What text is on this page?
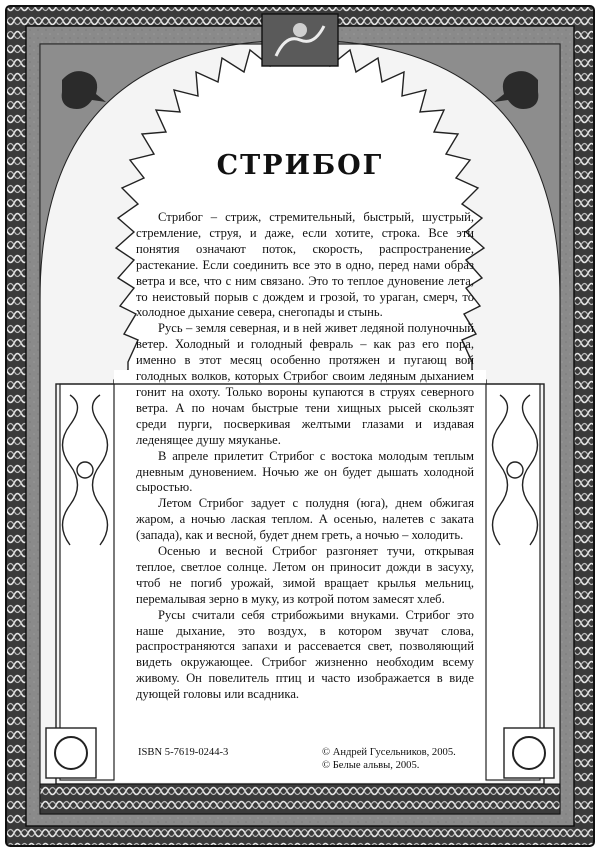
СТРИБОГ

Стрибог – стриж, стремительный, быстрый, шустрый, стремление, струя, и даже, если хотите, строка. Все эти понятия означают поток, скорость, распространение, растекание. Если соединить все это в одно, перед нами образ ветра и все, что с ним связано. Это то теплое дуновение лета, то неистовый порыв с дождем и грозой, то ураган, смерч, то холодное дыхание севера, снегопады и стынь.

Русь – земля северная, и в ней живет ледяной полуночный ветер. Холодный и голодный февраль – как раз его пора, именно в этот месяц особенно протяжен и пугающ вой голодных волков, которых Стрибог своим ледяным дыханием гонит на охоту. Только вороны купаются в струях северного ветра. А по ночам быстрые тени хищных рысей скользят среди пурги, посверкивая желтыми глазами и издавая леденящее душу мяуканье.

В апреле прилетит Стрибог с востока молодым теплым дневным дуновением. Ночью же он будет дышать холодной сыростью.

Летом Стрибог задует с полудня (юга), днем обжигая жаром, а ночью лаская теплом. А осенью, налетев с заката (запада), как и весной, будет днем греть, а ночью – холодить.

Осенью и весной Стрибог разгоняет тучи, открывая теплое, светлое солнце. Летом он приносит дожди в засуху, чтоб не погиб урожай, зимой вращает крылья мельниц, перемалывая зерно в муку, из котрой потом замесят хлеб.

Русы считали себя стрибожьими внуками. Стрибог это наше дыхание, это воздух, в котором звучат слова, распространяются запахи и рассевается свет, позволяющий видеть окружающее. Стрибог жизненно необходим всему живому. Он повелитель птиц и часто изображается в виде дующей головы или всадника.

ISBN 5-7619-0244-3	© Андрей Гусельников, 2005.
© Белые альвы, 2005.
